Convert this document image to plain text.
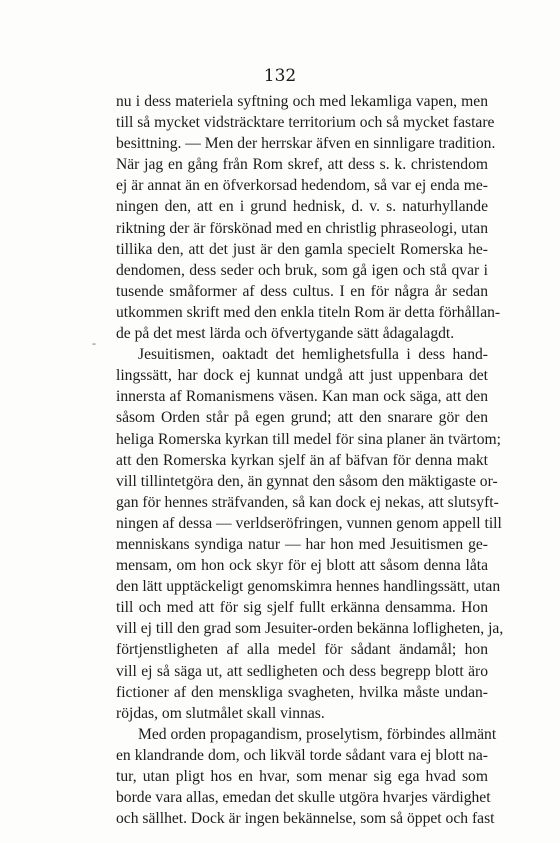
132
-
nu i dess materiela syftning och med lekamliga vapen, men
till så mycket vidsträcktare territorium och så mycket fastare
besittning. — Men der herrskar äfven en sinnligare tradition.
När jag en gång från Rom skref, att dess s. k. christendom
ej är annat än en öfverkorsad hedendom, så var ej enda me-
ningen den, att en i grund hednisk, d. v. s. naturhyllande
riktning der är förskönad med en christlig phraseologi, utan
tillika den, att det just är den gamla specielt Romerska he-
dendomen, dess seder och bruk, som gå igen och stå qvar i
tusende småformer af dess cultus. I en för några år sedan
utkommen skrift med den enkla titeln Rom är detta förhållan-
de på det mest lärda och öfvertygande sätt ådagalagdt.
Jesuitismen, oaktadt det hemlighetsfulla i dess hand-
lingssätt, har dock ej kunnat undgå att just uppenbara det
innersta af Romanismens väsen. Kan man ock säga, att den
såsom Orden står på egen grund; att den snarare gör den
heliga Romerska kyrkan till medel för sina planer än tvärtom;
att den Romerska kyrkan sjelf än af bäfvan för denna makt
vill tillintetgöra den, än gynnat den såsom den mäktigaste or-
gan för hennes sträfvanden, så kan dock ej nekas, att slutsyft-
ningen af dessa — verldseröfringen, vunnen genom appell till
menniskans syndiga natur — har hon med Jesuitismen ge-
mensam, om hon ock skyr för ej blott att såsom denna låta
den lätt upptäckeligt genomskimra hennes handlingssätt, utan
till och med att för sig sjelf fullt erkänna densamma. Hon
vill ej till den grad som Jesuiter-orden bekänna lofligheten, ja,
förtjenstligheten af alla medel för sådant ändamål; hon
vill ej så säga ut, att sedligheten och dess begrepp blott äro
fictioner af den menskliga svagheten, hvilka måste undan-
röjdas, om slutmålet skall vinnas.
Med orden propagandism, proselytism, förbindes allmänt
en klandrande dom, och likväl torde sådant vara ej blott na-
tur, utan pligt hos en hvar, som menar sig ega hvad som
borde vara allas, emedan det skulle utgöra hvarjes värdighet
och sällhet. Dock är ingen bekännelse, som så öppet och fast
